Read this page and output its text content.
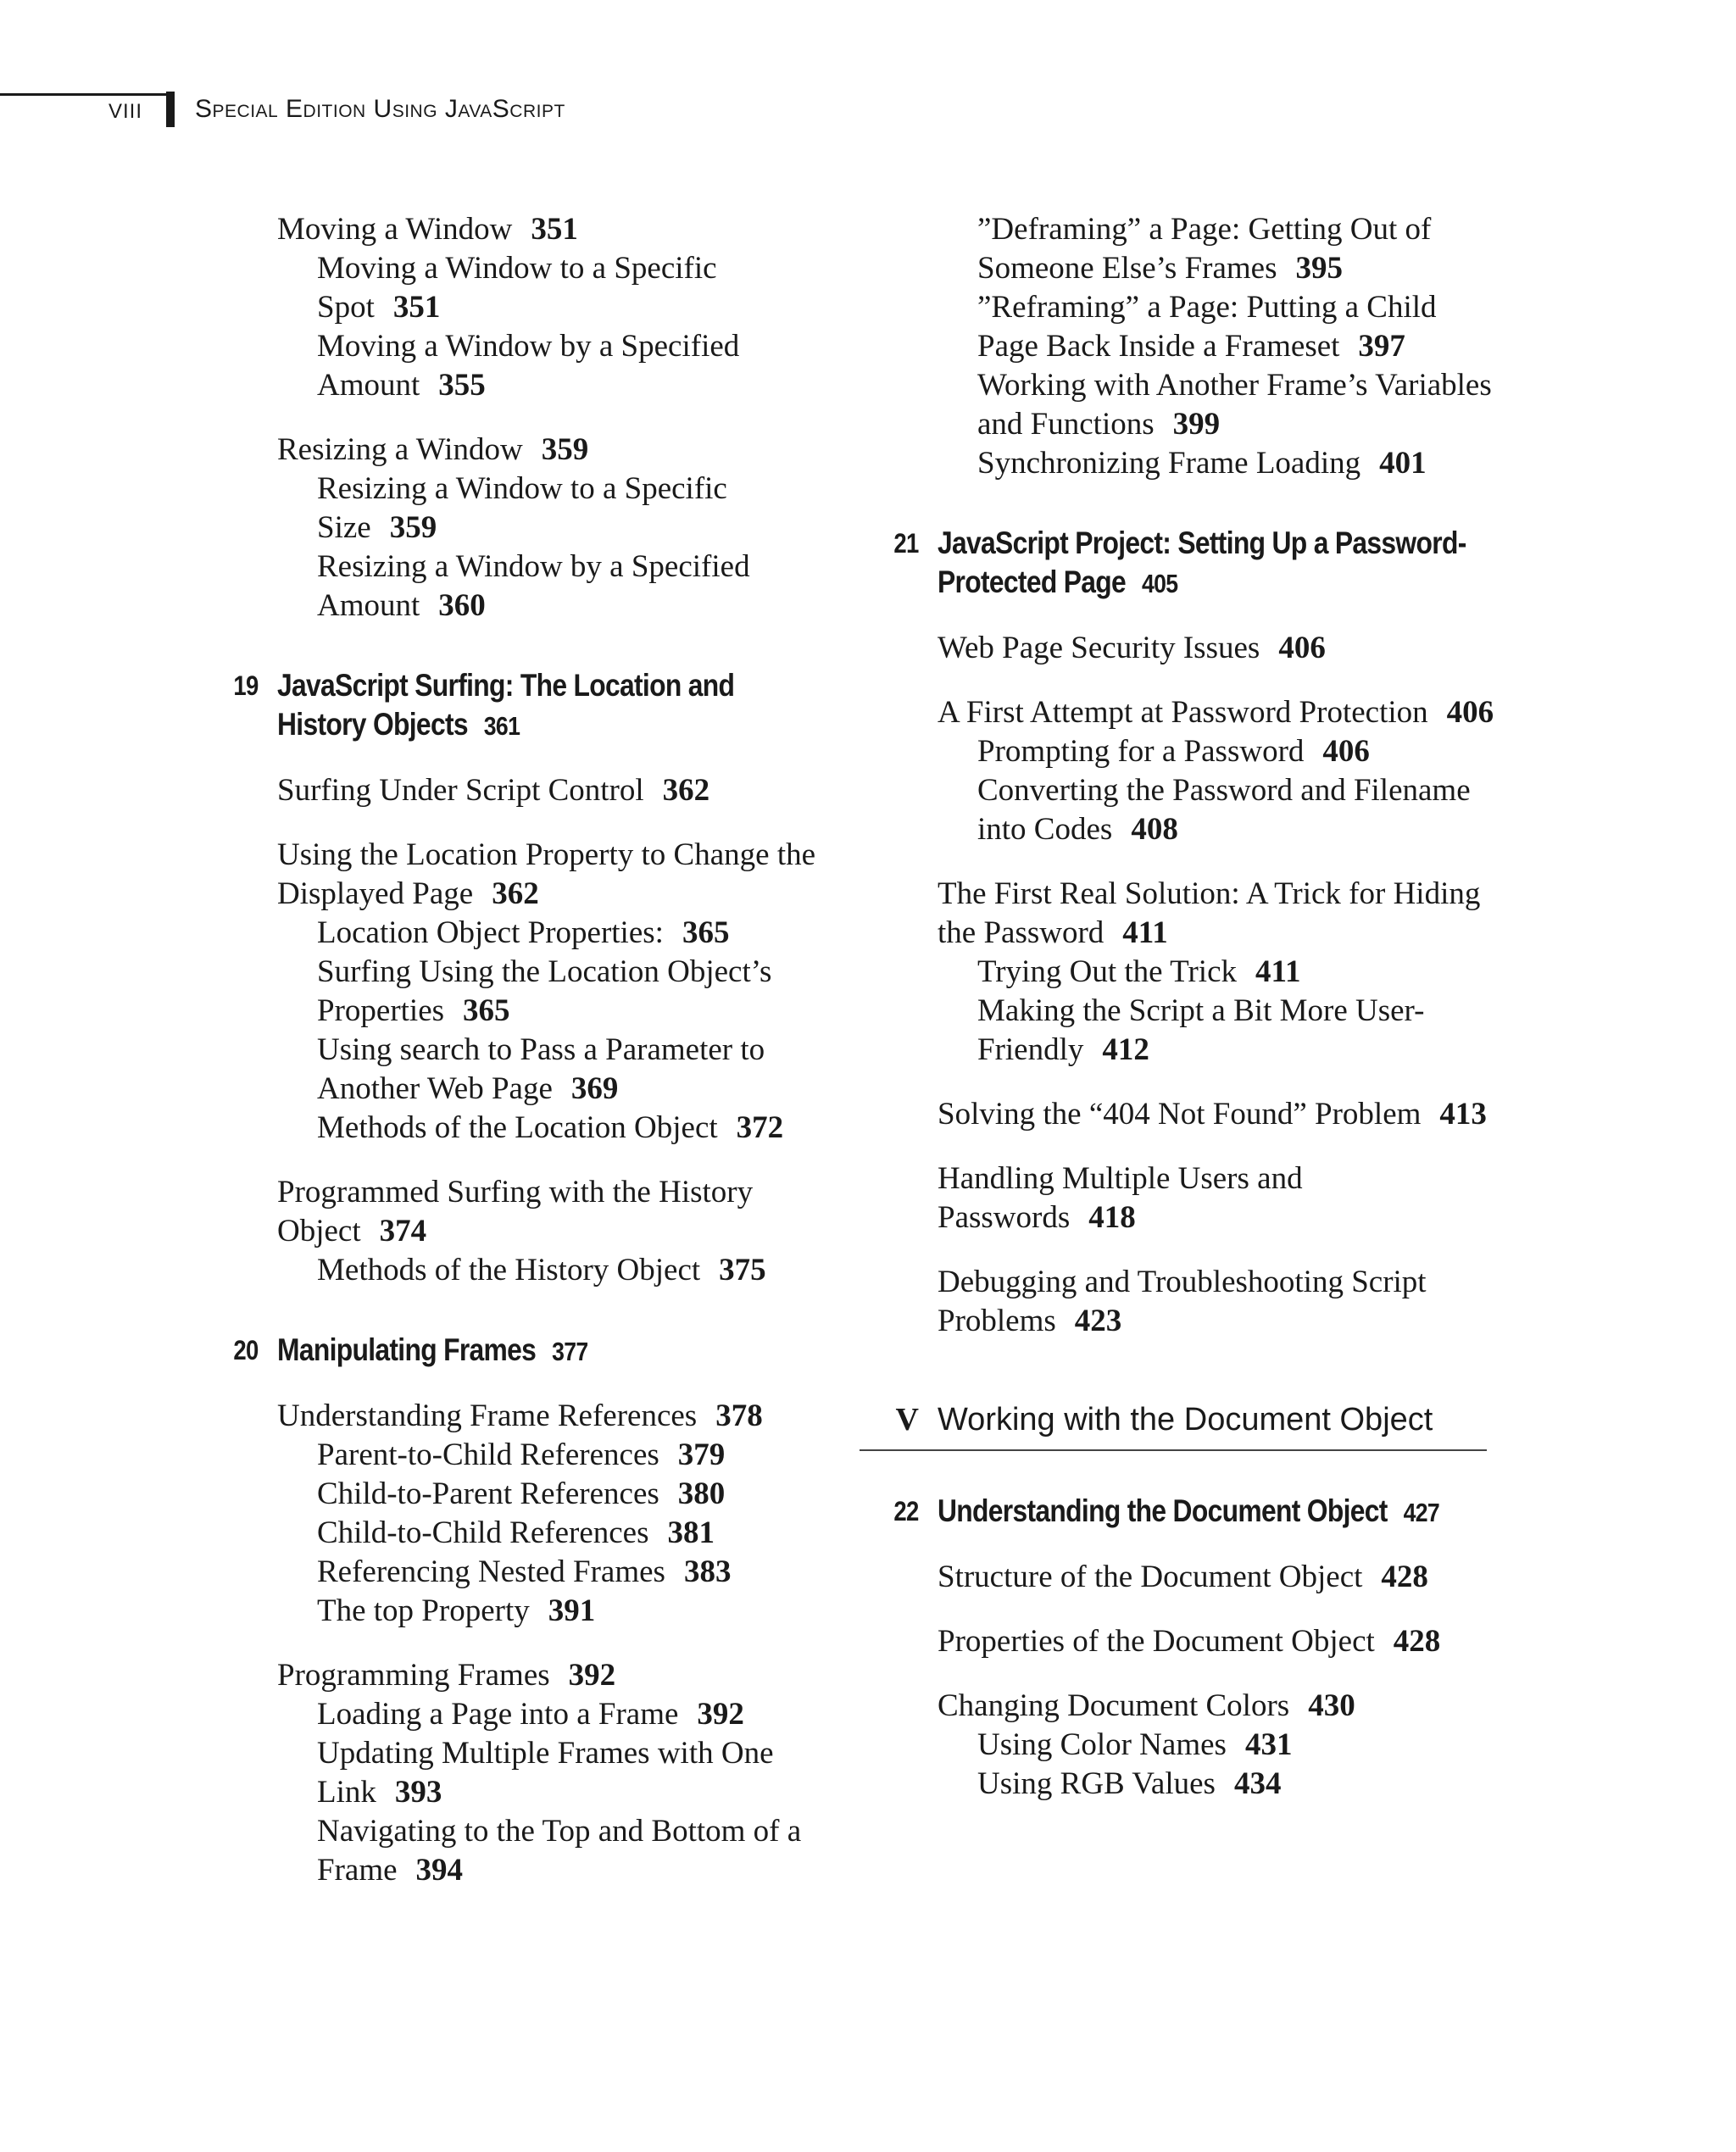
VIII Special Edition Using JavaScript
Moving a Window 351
Moving a Window to a Specific Spot 351
Moving a Window by a Specified Amount 355
Resizing a Window 359
Resizing a Window to a Specific Size 359
Resizing a Window by a Specified Amount 360
19 JavaScript Surfing: The Location and History Objects 361
Surfing Under Script Control 362
Using the Location Property to Change the Displayed Page 362
Location Object Properties: 365
Surfing Using the Location Object’s Properties 365
Using search to Pass a Parameter to Another Web Page 369
Methods of the Location Object 372
Programmed Surfing with the History Object 374
Methods of the History Object 375
20 Manipulating Frames 377
Understanding Frame References 378
Parent-to-Child References 379
Child-to-Parent References 380
Child-to-Child References 381
Referencing Nested Frames 383
The top Property 391
Programming Frames 392
Loading a Page into a Frame 392
Updating Multiple Frames with One Link 393
Navigating to the Top and Bottom of a Frame 394
”Deframing” a Page: Getting Out of Someone Else’s Frames 395
”Reframing” a Page: Putting a Child Page Back Inside a Frameset 397
Working with Another Frame’s Variables and Functions 399
Synchronizing Frame Loading 401
21 JavaScript Project: Setting Up a Password-Protected Page 405
Web Page Security Issues 406
A First Attempt at Password Protection 406
Prompting for a Password 406
Converting the Password and Filename into Codes 408
The First Real Solution: A Trick for Hiding the Password 411
Trying Out the Trick 411
Making the Script a Bit More User-Friendly 412
Solving the “404 Not Found” Problem 413
Handling Multiple Users and Passwords 418
Debugging and Troubleshooting Script Problems 423
V Working with the Document Object
22 Understanding the Document Object 427
Structure of the Document Object 428
Properties of the Document Object 428
Changing Document Colors 430
Using Color Names 431
Using RGB Values 434
